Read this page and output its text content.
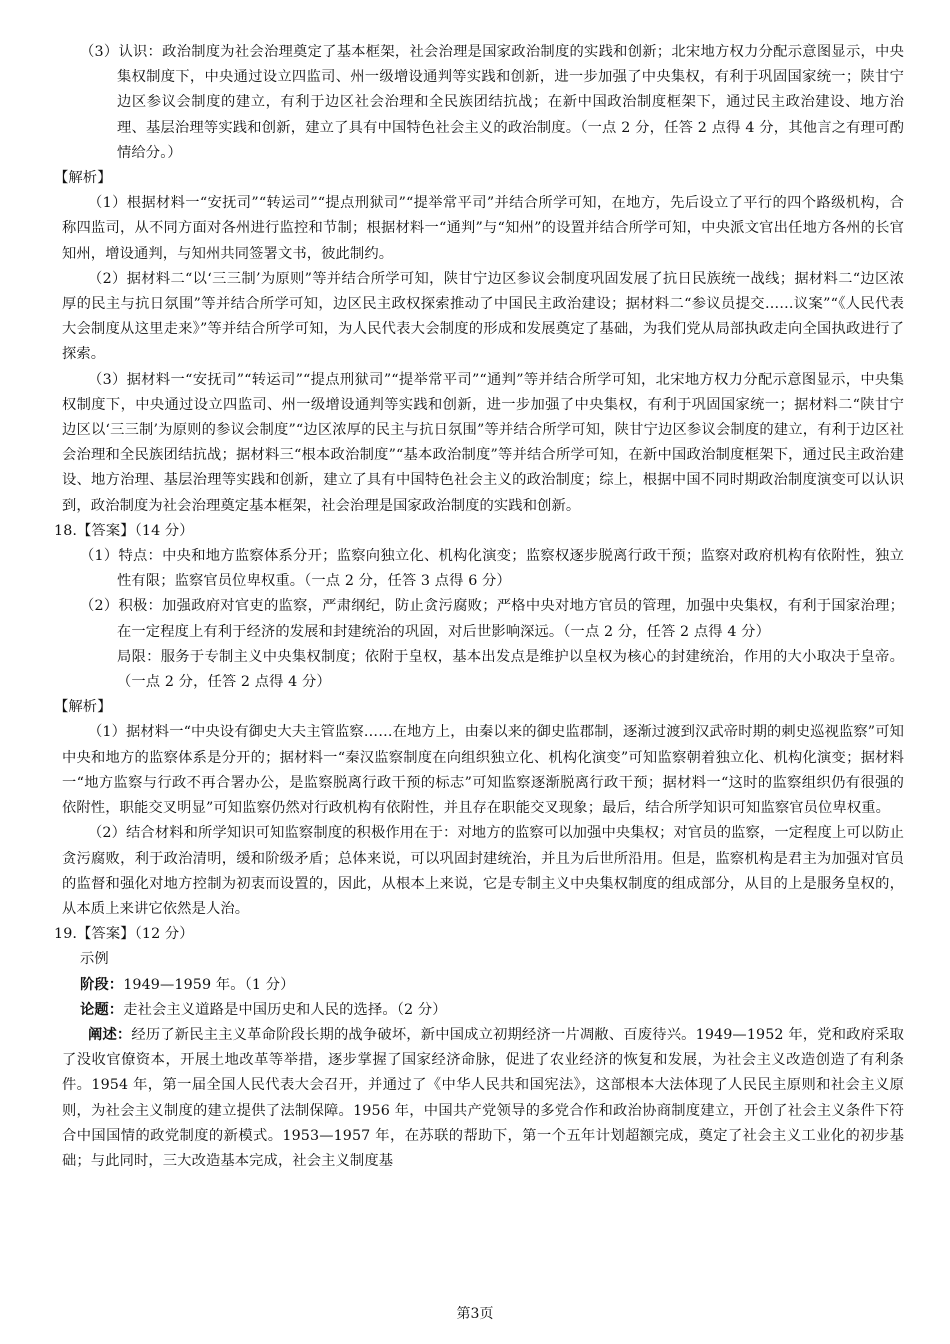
（3）认识：政治制度为社会治理奠定了基本框架，社会治理是国家政治制度的实践和创新；北宋地方权力分配示意图显示，中央集权制度下，中央通过设立四监司、州一级增设通判等实践和创新，进一步加强了中央集权，有利于巩固国家统一；陕甘宁边区参议会制度的建立，有利于边区社会治理和全民族团结抗战；在新中国政治制度框架下，通过民主政治建设、地方治理、基层治理等实践和创新，建立了具有中国特色社会主义的政治制度。（一点 2 分，任答 2 点得 4 分，其他言之有理可酌情给分。）

【解析】

（1）根据材料一“安抚司”“转运司”“提点刑狱司”“提举常平司”并结合所学可知，在地方，先后设立了平行的四个路级机构，合称四监司，从不同方面对各州进行监控和节制；根据材料一“通判”与“知州”的设置并结合所学可知，中央派文官出任地方各州的长官知州，增设通判，与知州共同签署文书，彼此制约。

（2）据材料二“以‘三三制’为原则”等并结合所学可知，陕甘宁边区参议会制度巩固发展了抗日民族统一战线；据材料二“边区浓厚的民主与抗日氛围”等并结合所学可知，边区民主政权探索推动了中国民主政治建设；据材料二“参议员提交……议案”“《人民代表大会制度从这里走来》”等并结合所学可知，为人民代表大会制度的形成和发展奠定了基础，为我们党从局部执政走向全国执政进行了探索。

（3）据材料一“安抚司”“转运司”“提点刑狱司”“提举常平司”“通判”等并结合所学可知，北宋地方权力分配示意图显示，中央集权制度下，中央通过设立四监司、州一级增设通判等实践和创新，进一步加强了中央集权，有利于巩固国家统一；据材料二“陕甘宁边区以‘三三制’为原则的参议会制度”“边区浓厚的民主与抗日氛围”等并结合所学可知，陕甘宁边区参议会制度的建立，有利于边区社会治理和全民族团结抗战；据材料三“根本政治制度”“基本政治制度”等并结合所学可知，在新中国政治制度框架下，通过民主政治建设、地方治理、基层治理等实践和创新，建立了具有中国特色社会主义的政治制度；综上，根据中国不同时期政治制度演变可以认识到，政治制度为社会治理奠定基本框架，社会治理是国家政治制度的实践和创新。

18.【答案】（14 分）

（1）特点：中央和地方监察体系分开；监察向独立化、机构化演变；监察权逐步脱离行政干预；监察对政府机构有依附性，独立性有限；监察官员位卑权重。（一点 2 分，任答 3 点得 6 分）

（2）积极：加强政府对官吏的监察，严肃纲纪，防止贪污腐败；严格中央对地方官员的管理，加强中央集权，有利于国家治理；在一定程度上有利于经济的发展和封建统治的巩固，对后世影响深远。（一点 2 分，任答 2 点得 4 分）

局限：服务于专制主义中央集权制度；依附于皇权，基本出发点是维护以皇权为核心的封建统治，作用的大小取决于皇帝。（一点 2 分，任答 2 点得 4 分）

【解析】

（1）据材料一“中央设有御史大夫主管监察……在地方上，由秦以来的御史监郡制，逐渐过渡到汉武帝时期的刺史巡视监察”可知中央和地方的监察体系是分开的；据材料一“秦汉监察制度在向组织独立化、机构化演变”可知监察朝着独立化、机构化演变；据材料一“地方监察与行政不再合署办公，是监察脱离行政干预的标志”可知监察逐渐脱离行政干预；据材料一“这时的监察组织仍有很强的依附性，职能交叉明显”可知监察仍然对行政机构有依附性，并且存在职能交叉现象；最后，结合所学知识可知监察官员位卑权重。

（2）结合材料和所学知识可知监察制度的积极作用在于：对地方的监察可以加强中央集权；对官员的监察，一定程度上可以防止贪污腐败，利于政治清明，缓和阶级矛盾；总体来说，可以巩固封建统治，并且为后世所沿用。但是，监察机构是君主为加强对官员的监督和强化对地方控制为初衷而设置的，因此，从根本上来说，它是专制主义中央集权制度的组成部分，从目的上是服务皇权的，从本质上来讲它依然是人治。

19.【答案】（12 分）

示例

阶段：1949—1959 年。（1 分）

论题：走社会主义道路是中国历史和人民的选择。（2 分）

阐述：经历了新民主主义革命阶段长期的战争破坏，新中国成立初期经济一片凋敝、百废待兴。1949—1952 年，党和政府采取了没收官僚资本，开展土地改革等举措，逐步掌握了国家经济命脉，促进了农业经济的恢复和发展，为社会主义改造创造了有利条件。1954 年，第一届全国人民代表大会召开，并通过了《中华人民共和国宪法》，这部根本大法体现了人民民主原则和社会主义原则，为社会主义制度的建立提供了法制保障。1956 年，中国共产党领导的多党合作和政治协商制度建立，开创了社会主义条件下符合中国国情的政党制度的新模式。1953—1957 年，在苏联的帮助下，第一个五年计划超额完成，奠定了社会主义工业化的初步基础；与此同时，三大改造基本完成，社会主义制度基

第3页
